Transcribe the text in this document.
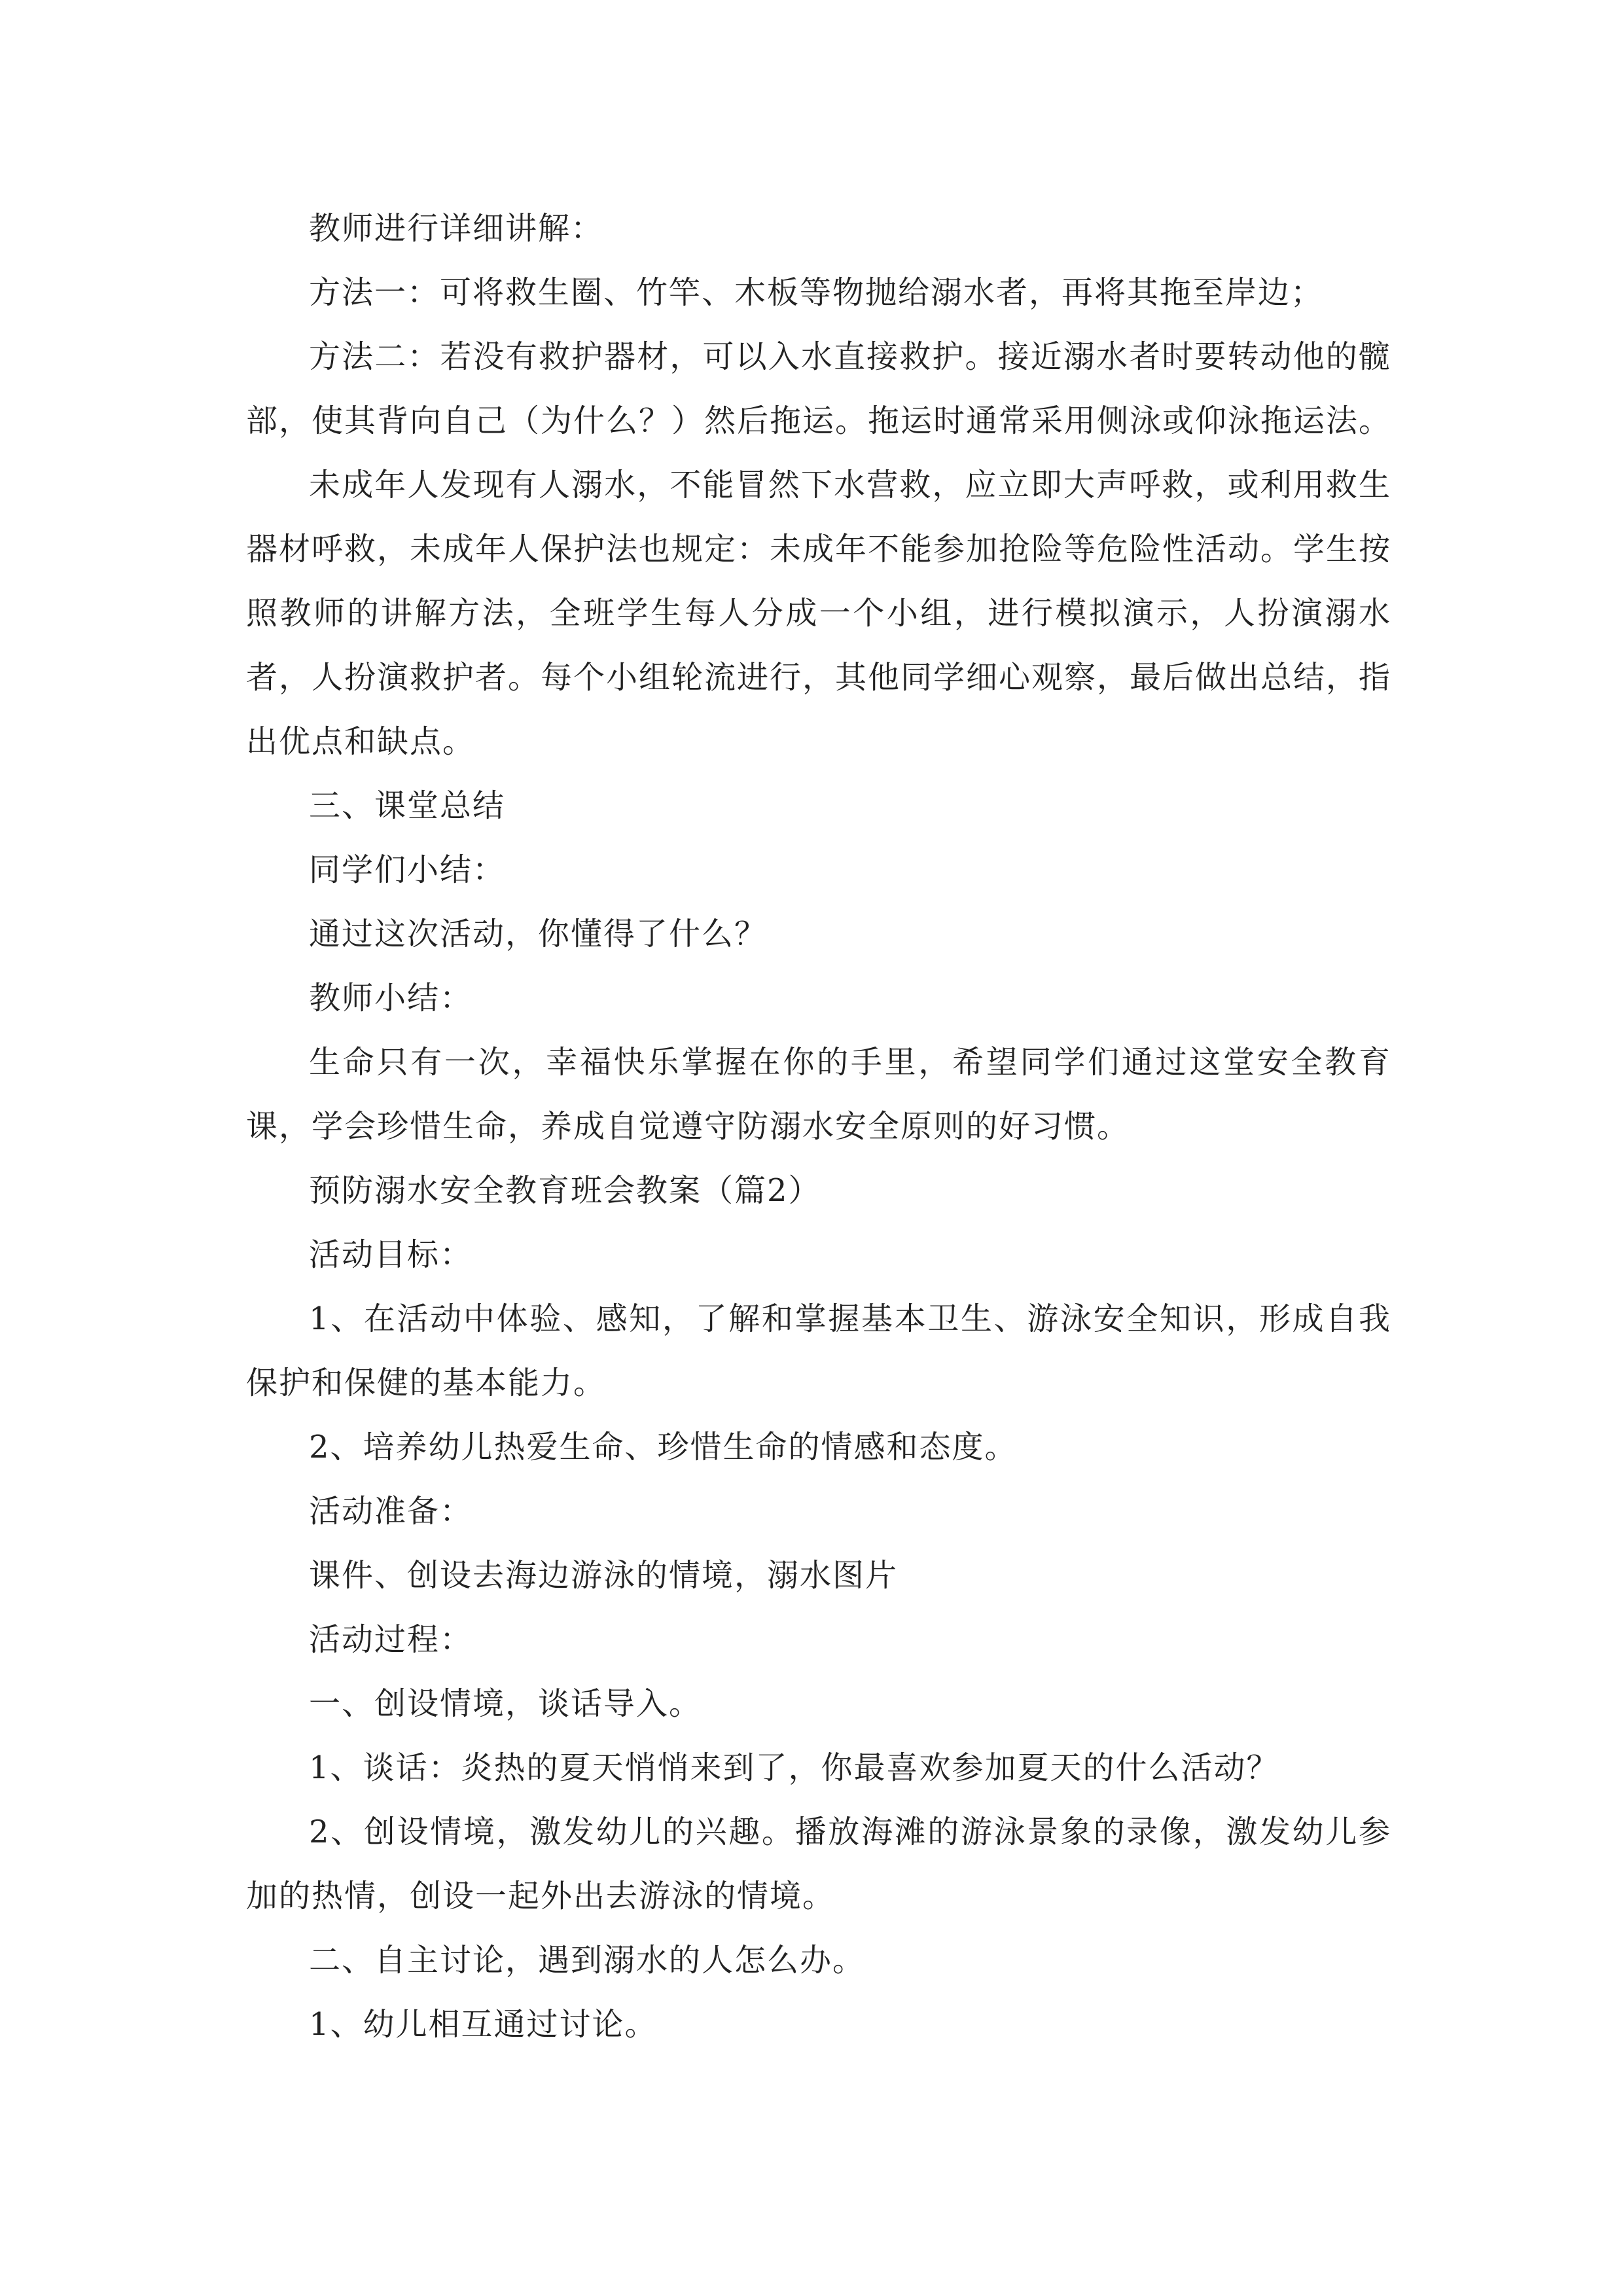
教师进行详细讲解：

方法一：可将救生圈、竹竿、木板等物抛给溺水者，再将其拖至岸边；

方法二：若没有救护器材，可以入水直接救护。接近溺水者时要转动他的髋部，使其背向自己（为什么？）然后拖运。拖运时通常采用侧泳或仰泳拖运法。

未成年人发现有人溺水，不能冒然下水营救，应立即大声呼救，或利用救生器材呼救，未成年人保护法也规定：未成年不能参加抢险等危险性活动。学生按照教师的讲解方法，全班学生每人分成一个小组，进行模拟演示，人扮演溺水者，人扮演救护者。每个小组轮流进行，其他同学细心观察，最后做出总结，指出优点和缺点。

三、课堂总结

同学们小结：

通过这次活动，你懂得了什么？

教师小结：

生命只有一次，幸福快乐掌握在你的手里，希望同学们通过这堂安全教育课，学会珍惜生命，养成自觉遵守防溺水安全原则的好习惯。

预防溺水安全教育班会教案（篇2）

活动目标：

1、在活动中体验、感知，了解和掌握基本卫生、游泳安全知识，形成自我保护和保健的基本能力。

2、培养幼儿热爱生命、珍惜生命的情感和态度。

活动准备：

课件、创设去海边游泳的情境，溺水图片

活动过程：

一、创设情境，谈话导入。

1、谈话：炎热的夏天悄悄来到了，你最喜欢参加夏天的什么活动？

2、创设情境，激发幼儿的兴趣。播放海滩的游泳景象的录像，激发幼儿参加的热情，创设一起外出去游泳的情境。

二、自主讨论，遇到溺水的人怎么办。

1、幼儿相互通过讨论。
